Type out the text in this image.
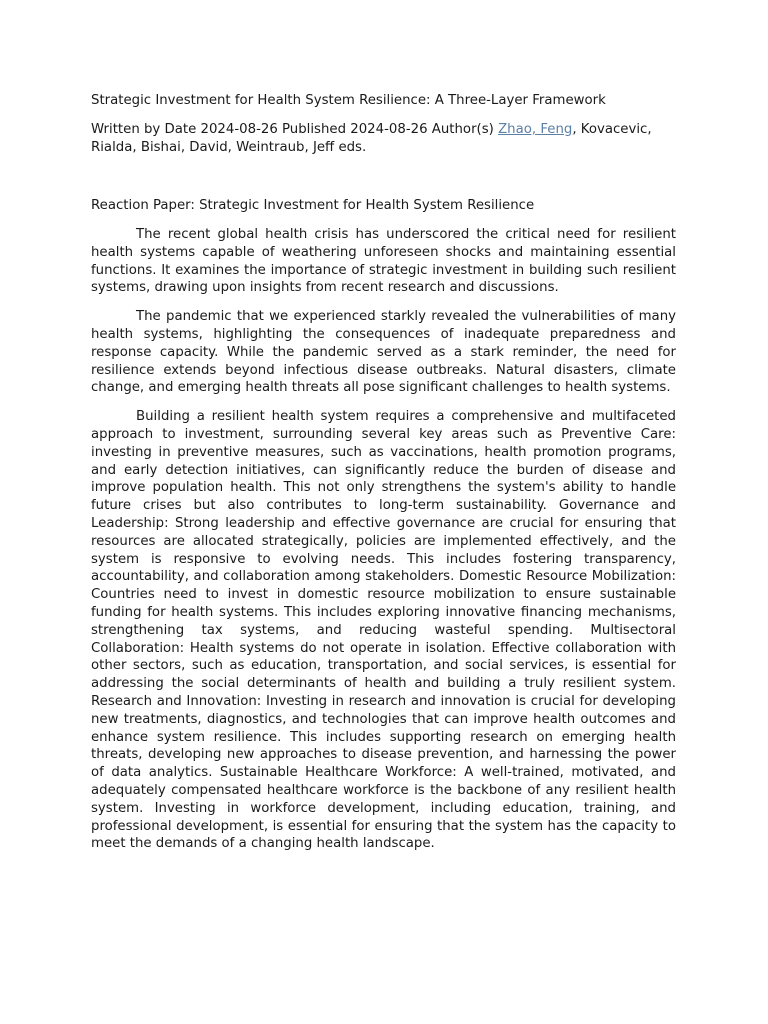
Strategic Investment for Health System Resilience: A Three-Layer Framework
Written by Date 2024-08-26 Published 2024-08-26 Author(s) Zhao, Feng, Kovacevic, Rialda, Bishai, David, Weintraub, Jeff eds.
Reaction Paper: Strategic Investment for Health System Resilience

The recent global health crisis has underscored the critical need for resilient health systems capable of weathering unforeseen shocks and maintaining essential functions. It examines the importance of strategic investment in building such resilient systems, drawing upon insights from recent research and discussions.

The pandemic that we experienced starkly revealed the vulnerabilities of many health systems, highlighting the consequences of inadequate preparedness and response capacity. While the pandemic served as a stark reminder, the need for resilience extends beyond infectious disease outbreaks. Natural disasters, climate change, and emerging health threats all pose significant challenges to health systems.

Building a resilient health system requires a comprehensive and multifaceted approach to investment, surrounding several key areas such as Preventive Care: investing in preventive measures, such as vaccinations, health promotion programs, and early detection initiatives, can significantly reduce the burden of disease and improve population health. This not only strengthens the system's ability to handle future crises but also contributes to long-term sustainability. Governance and Leadership: Strong leadership and effective governance are crucial for ensuring that resources are allocated strategically, policies are implemented effectively, and the system is responsive to evolving needs. This includes fostering transparency, accountability, and collaboration among stakeholders. Domestic Resource Mobilization: Countries need to invest in domestic resource mobilization to ensure sustainable funding for health systems. This includes exploring innovative financing mechanisms, strengthening tax systems, and reducing wasteful spending. Multisectoral Collaboration: Health systems do not operate in isolation. Effective collaboration with other sectors, such as education, transportation, and social services, is essential for addressing the social determinants of health and building a truly resilient system. Research and Innovation: Investing in research and innovation is crucial for developing new treatments, diagnostics, and technologies that can improve health outcomes and enhance system resilience. This includes supporting research on emerging health threats, developing new approaches to disease prevention, and harnessing the power of data analytics. Sustainable Healthcare Workforce: A well-trained, motivated, and adequately compensated healthcare workforce is the backbone of any resilient health system. Investing in workforce development, including education, training, and professional development, is essential for ensuring that the system has the capacity to meet the demands of a changing health landscape.
